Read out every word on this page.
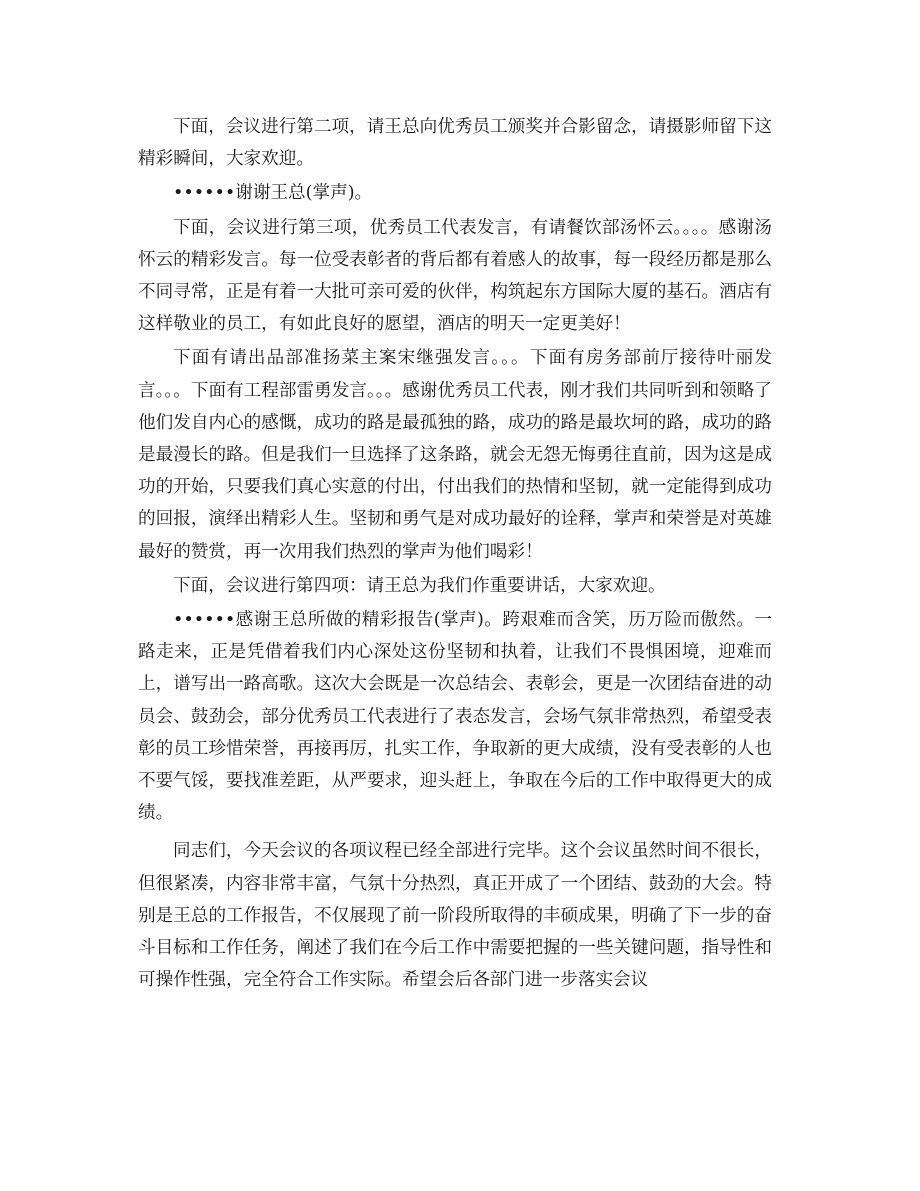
下面，会议进行第二项，请王总向优秀员工颁奖并合影留念，请摄影师留下这精彩瞬间，大家欢迎。

••••••谢谢王总(掌声)。

下面，会议进行第三项，优秀员工代表发言，有请餐饮部汤怀云。。。。感谢汤怀云的精彩发言。每一位受表彰者的背后都有着感人的故事，每一段经历都是那么不同寻常，正是有着一大批可亲可爱的伙伴，构筑起东方国际大厦的基石。酒店有这样敬业的员工，有如此良好的愿望，酒店的明天一定更美好！

下面有请出品部准扬菜主案宋继强发言。。。下面有房务部前厅接待叶丽发言。。。下面有工程部雷勇发言。。。感谢优秀员工代表，刚才我们共同听到和领略了他们发自内心的感慨，成功的路是最孤独的路，成功的路是最坎坷的路，成功的路是最漫长的路。但是我们一旦选择了这条路，就会无怨无悔勇往直前，因为这是成功的开始，只要我们真心实意的付出，付出我们的热情和坚韧，就一定能得到成功的回报，演绎出精彩人生。坚韧和勇气是对成功最好的诠释，掌声和荣誉是对英雄最好的赞赏，再一次用我们热烈的掌声为他们喝彩！

下面，会议进行第四项：请王总为我们作重要讲话，大家欢迎。

••••••感谢王总所做的精彩报告(掌声)。跨艰难而含笑，历万险而傲然。一路走来，正是凭借着我们内心深处这份坚韧和执着，让我们不畏惧困境，迎难而上，谱写出一路高歌。这次大会既是一次总结会、表彰会，更是一次团结奋进的动员会、鼓劲会，部分优秀员工代表进行了表态发言，会场气氛非常热烈，希望受表彰的员工珍惜荣誉，再接再厉，扎实工作，争取新的更大成绩，没有受表彰的人也不要气馁，要找准差距，从严要求，迎头赶上，争取在今后的工作中取得更大的成绩。

同志们，今天会议的各项议程已经全部进行完毕。这个会议虽然时间不很长，但很紧凑，内容非常丰富，气氛十分热烈，真正开成了一个团结、鼓劲的大会。特别是王总的工作报告，不仅展现了前一阶段所取得的丰硕成果，明确了下一步的奋斗目标和工作任务，阐述了我们在今后工作中需要把握的一些关键问题，指导性和可操作性强，完全符合工作实际。希望会后各部门进一步落实会议
